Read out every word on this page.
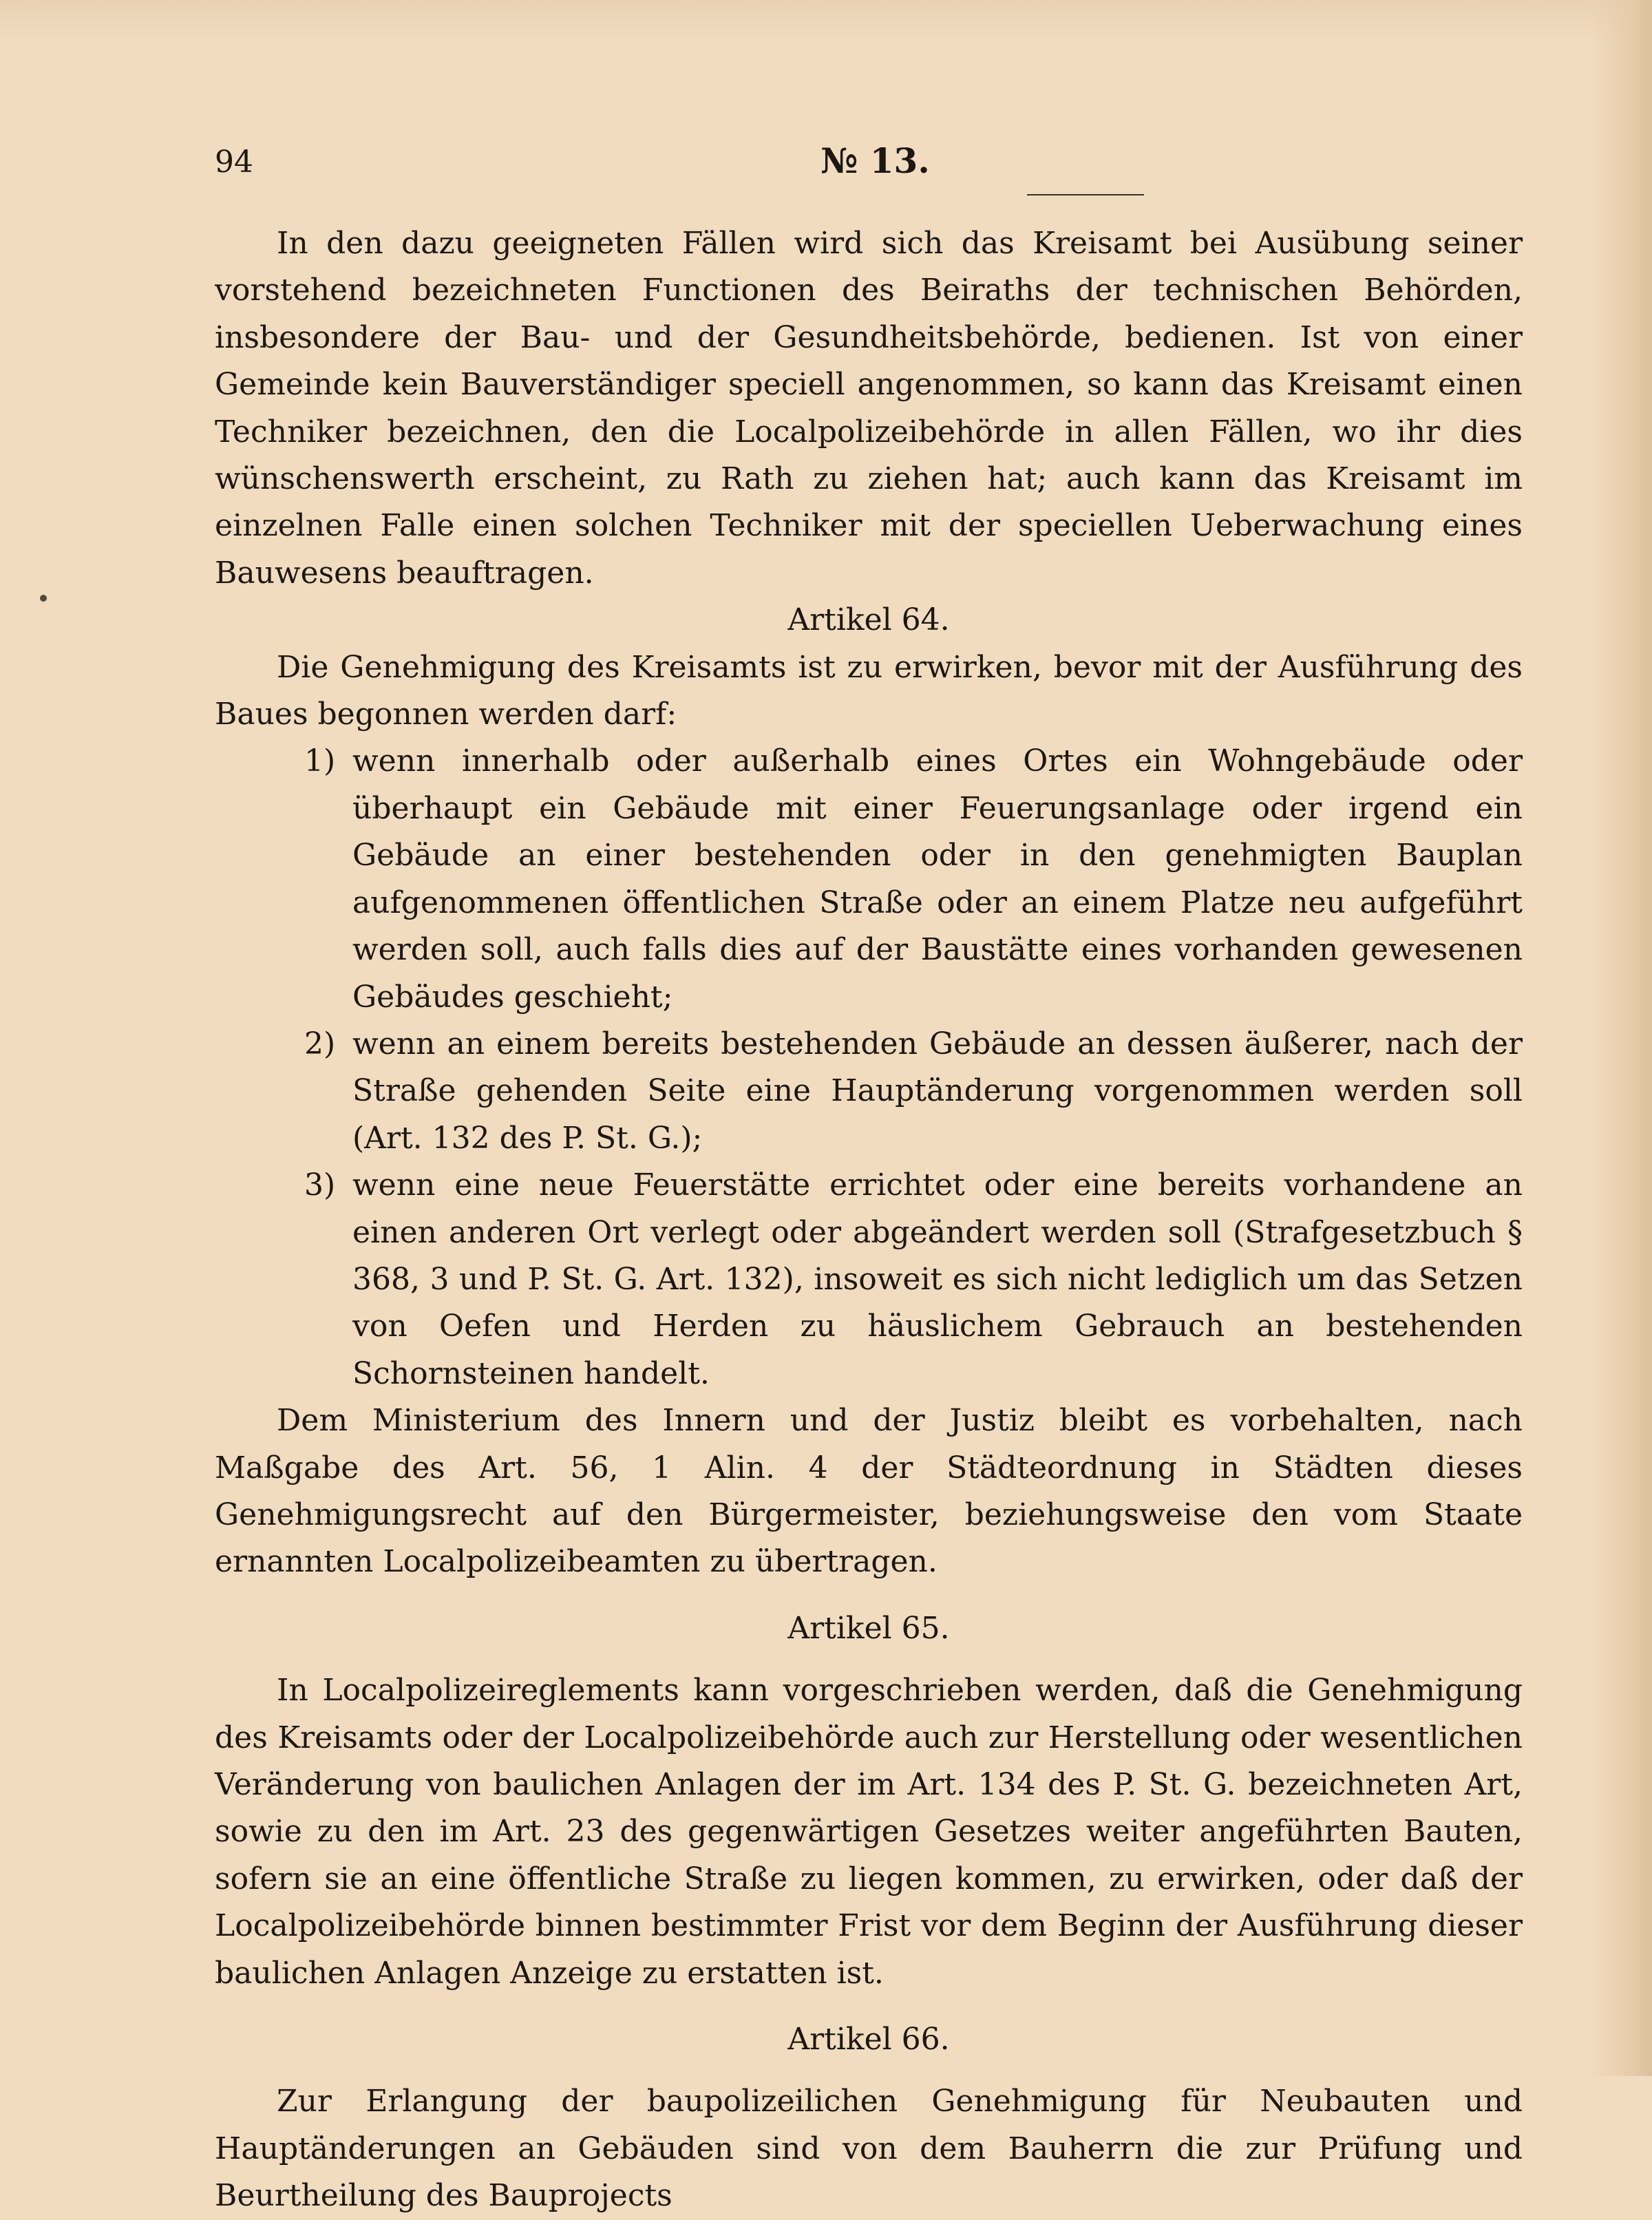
94	№ 13.

In den dazu geeigneten Fällen wird sich das Kreisamt bei Ausübung seiner vorstehend bezeichneten Functionen des Beiraths der technischen Behörden, insbesondere der Bau- und der Gesundheitsbehörde, bedienen. Ist von einer Gemeinde kein Bauverständiger speciell angenommen, so kann das Kreisamt einen Techniker bezeichnen, den die Localpolizeibehörde in allen Fällen, wo ihr dies wünschenswerth erscheint, zu Rath zu ziehen hat; auch kann das Kreisamt im einzelnen Falle einen solchen Techniker mit der speciellen Ueberwachung eines Bauwesens beauftragen.

Artikel 64.

Die Genehmigung des Kreisamts ist zu erwirken, bevor mit der Ausführung des Baues begonnen werden darf:

1) wenn innerhalb oder außerhalb eines Ortes ein Wohngebäude oder überhaupt ein Gebäude mit einer Feuerungsanlage oder irgend ein Gebäude an einer bestehenden oder in den genehmigten Bauplan aufgenommenen öffentlichen Straße oder an einem Platze neu aufgeführt werden soll, auch falls dies auf der Baustätte eines vorhanden gewesenen Gebäudes geschieht;
2) wenn an einem bereits bestehenden Gebäude an dessen äußerer, nach der Straße gehenden Seite eine Hauptänderung vorgenommen werden soll (Art. 132 des P. St. G.);
3) wenn eine neue Feuerstätte errichtet oder eine bereits vorhandene an einen anderen Ort verlegt oder abgeändert werden soll (Strafgesetzbuch § 368, 3 und P. St. G. Art. 132), insoweit es sich nicht lediglich um das Setzen von Oefen und Herden zu häuslichem Gebrauch an bestehenden Schornsteinen handelt.

Dem Ministerium des Innern und der Justiz bleibt es vorbehalten, nach Maßgabe des Art. 56, 1 Alin. 4 der Städteordnung in Städten dieses Genehmigungsrecht auf den Bürgermeister, beziehungsweise den vom Staate ernannten Localpolizeibeamten zu übertragen.

Artikel 65.

In Localpolizeireglements kann vorgeschrieben werden, daß die Genehmigung des Kreisamts oder der Localpolizeibehörde auch zur Herstellung oder wesentlichen Veränderung von baulichen Anlagen der im Art. 134 des P. St. G. bezeichneten Art, sowie zu den im Art. 23 des gegenwärtigen Gesetzes weiter angeführten Bauten, sofern sie an eine öffentliche Straße zu liegen kommen, zu erwirken, oder daß der Localpolizeibehörde binnen bestimmter Frist vor dem Beginn der Ausführung dieser baulichen Anlagen Anzeige zu erstatten ist.

Artikel 66.

Zur Erlangung der baupolizeilichen Genehmigung für Neubauten und Hauptänderungen an Gebäuden sind von dem Bauherrn die zur Prüfung und Beurtheilung des Bauprojects
